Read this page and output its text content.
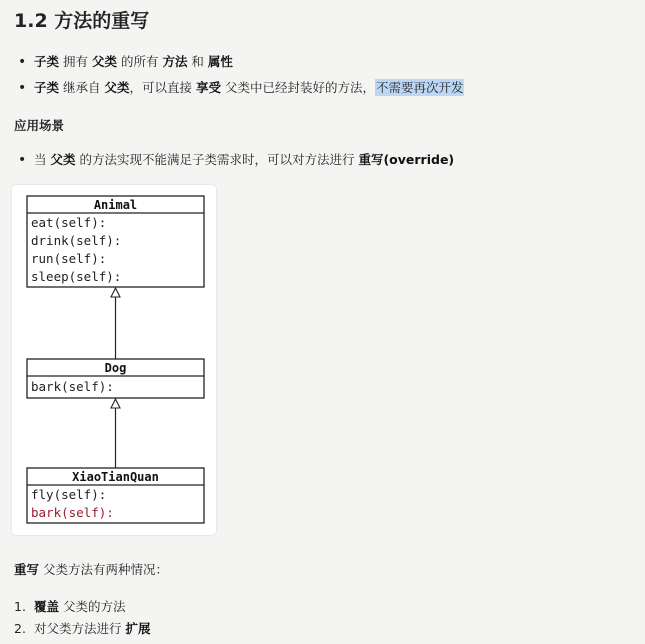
1.2 方法的重写
• 子类 拥有 父类 的所有 方法 和 属性
• 子类 继承自 父类，可以直接 享受 父类中已经封装好的方法，不需要再次开发
应用场景
• 当 父类 的方法实现不能满足子类需求时，可以对方法进行 重写(override)
Animal
eat(self):
drink(self):
run(self):
sleep(self):
Dog
bark(self):
XiaoTianQuan
fly(self):
bark(self):
重写 父类方法有两种情况：
1. 覆盖 父类的方法
2. 对父类方法进行 扩展
